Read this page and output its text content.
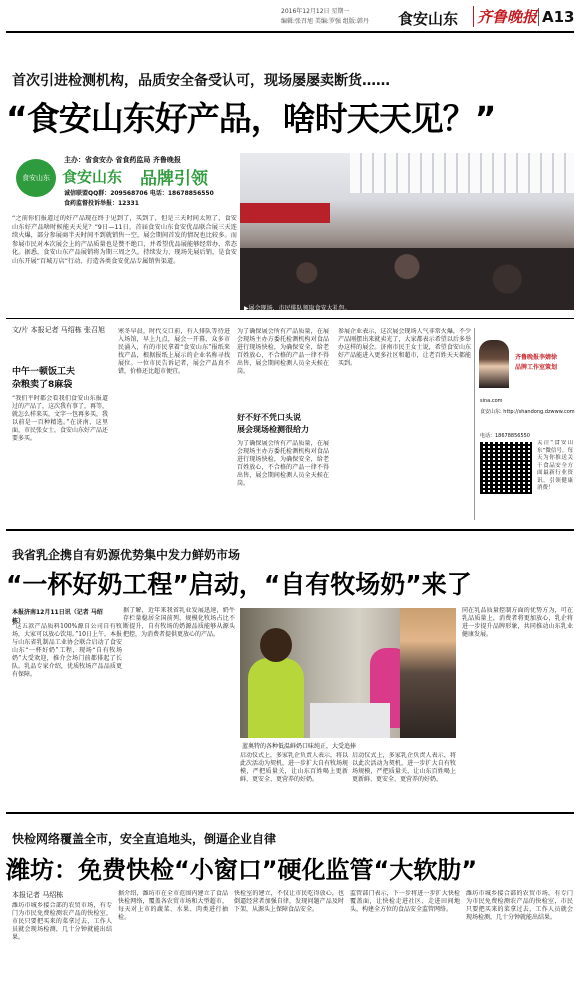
2016年12月12日 星期一
编辑:张召旭 美编:罗强 组版:韩丹 食安山东 齐鲁晚报 A13
首次引进检测机构，品质安全备受认可，现场屡屡卖断货……
“食安山东好产品，啥时天天见？”
食安山东 食安山东 品牌引领
主办：省食安办 省食药监局 齐鲁晚报
诚信联盟QQ群：209568706 电话：18678856550
食药监督投诉举报：12331
“之前你们报道过的好产品现在终于见到了，买到了，但是三天时间太短了，食安山东好产品啥时候能天天见？”9日—11日，首届食安山东食安优品联合展三天连续火爆，部分参展商半天时间不到就销售一空，展会期间首发的情况也比较多。而参展市民对本次展会上的产品质量也是赞不绝口，并希望优品展能够经常办、常态化。据悉，食安山东产品展销将为期三周之久，持续发力，现场先展后销，是食安山东开展“百城万店”行动、打造各类食安优品专属销售渠道。
▶展会现场，市民排队领取食安大礼包。
文/片 本报记者 马绍栋 张召旭
中午一顿饭工夫
杂粮卖了8麻袋
“我们平时都会看我们食安山东报道过的产品了，这次我有事了，再等，就怎么样来买，文字一包再多买，我以前是一百种精选。”在济南，这里面，市民张女士，食安山东好产品还要多买。
寒冬早晨，时代交口前，有人排队等待进入场馆，早上九点，展会一开幕，众多市民涌入，有的市民拿着“食安山东”报纸来找产品，根据报纸上展示的企业名称寻找展位。一位市民告诉记者，展会产品真不错，价格还比超市便宜。
为了确保展会所有产品质量，在展会现场主办方委托检测机构对食品进行现场快检，为确保安全，给老百姓放心，不合格的产品一律不得出售，展会期间检测人员全天候在岗。
好不好不凭口头说
展会现场检测很给力
为了确保展会所有产品质量，在展会现场主办方委托检测机构对食品进行现场快检，为确保安全，给老百姓放心，不合格的产品一律不得出售，展会期间检测人员全天候在岗。
参展企业表示，这次展会现场人气非常火爆，不少产品刚摆出来就卖光了，大家都表示希望以后多举办这样的展会。济南市民王女士说，希望食安山东好产品能进入更多社区和超市，让老百姓天天都能买到。
齐鲁晚报李婧徐
品牌工作室策划
sina.com
食安山东: http://shandong.dzwww.com
电话：18678856550
关注“食安山东”微信号，每天为你推送关于食品安全方面最新行业资讯，引领健康消费！
我省乳企携自有奶源优势集中发力鲜奶市场
“一杯好奶工程”启动，“自有牧场奶”来了
本报济南12月11日讯（记者 马绍栋）
“这五款产品质料100%源自公司自有牧场，大家可以放心饮用。”10日上午，本报与山东省乳制品工业协会联合启动了食安山东“一杯好奶”工程，现场“自有牧场奶”大受欢迎，推介会场门前都排起了长队。乳品专家介绍，优质牧场产品品质更有保障。
据了解，近年来我省乳业发展迅速，奶牛存栏量稳居全国前列，规模化牧场占比不断提升，自有牧场的奶源品质能够从源头把控，为消费者提供更放心的产品。
蓝奥特的各种低温鲜奶口味纯正，大受追捧
启动仪式上，多家乳企负责人表示，将以此次活动为契机，进一步扩大自有牧场规模，严把质量关，让山东百姓喝上更新鲜、更安全、更营养的好奶。
启动仪式上，多家乳企负责人表示，将以此次活动为契机，进一步扩大自有牧场规模，严把质量关，让山东百姓喝上更新鲜、更安全、更营养的好奶。
同在乳品质量控制方面的优势方为，可在乳品质量上，消费者将更加放心，乳企将进一步提升品牌形象，共同推动山东乳业健康发展。
快检网络覆盖全市，安全直追地头，倒逼企业自律
潍坊：免费快检“小窗口”硬化监管“大软肋”
本报记者 马绍栋
潍坊市城乡接合部的农贸市场，有专门为市民免费检测农产品的快检室，市民只要把买来的菜拿过去，工作人员就会现场检测，几十分钟就能出结果。
据介绍，潍坊市在全市范围内建立了食品快检网络，覆盖各农贸市场和大型超市，每天对上市的蔬菜、水果、肉类进行抽检。
快检室的建立，不仅让市民吃得放心，也倒逼经营者加强自律，发现问题产品及时下架，从源头上保障食品安全。
监管部门表示，下一步将进一步扩大快检覆盖面，让快检走进社区、走进田间地头，构建全方位的食品安全监管网络。
潍坊市城乡接合部的农贸市场，有专门为市民免费检测农产品的快检室，市民只要把买来的菜拿过去，工作人员就会现场检测，几十分钟就能出结果。
